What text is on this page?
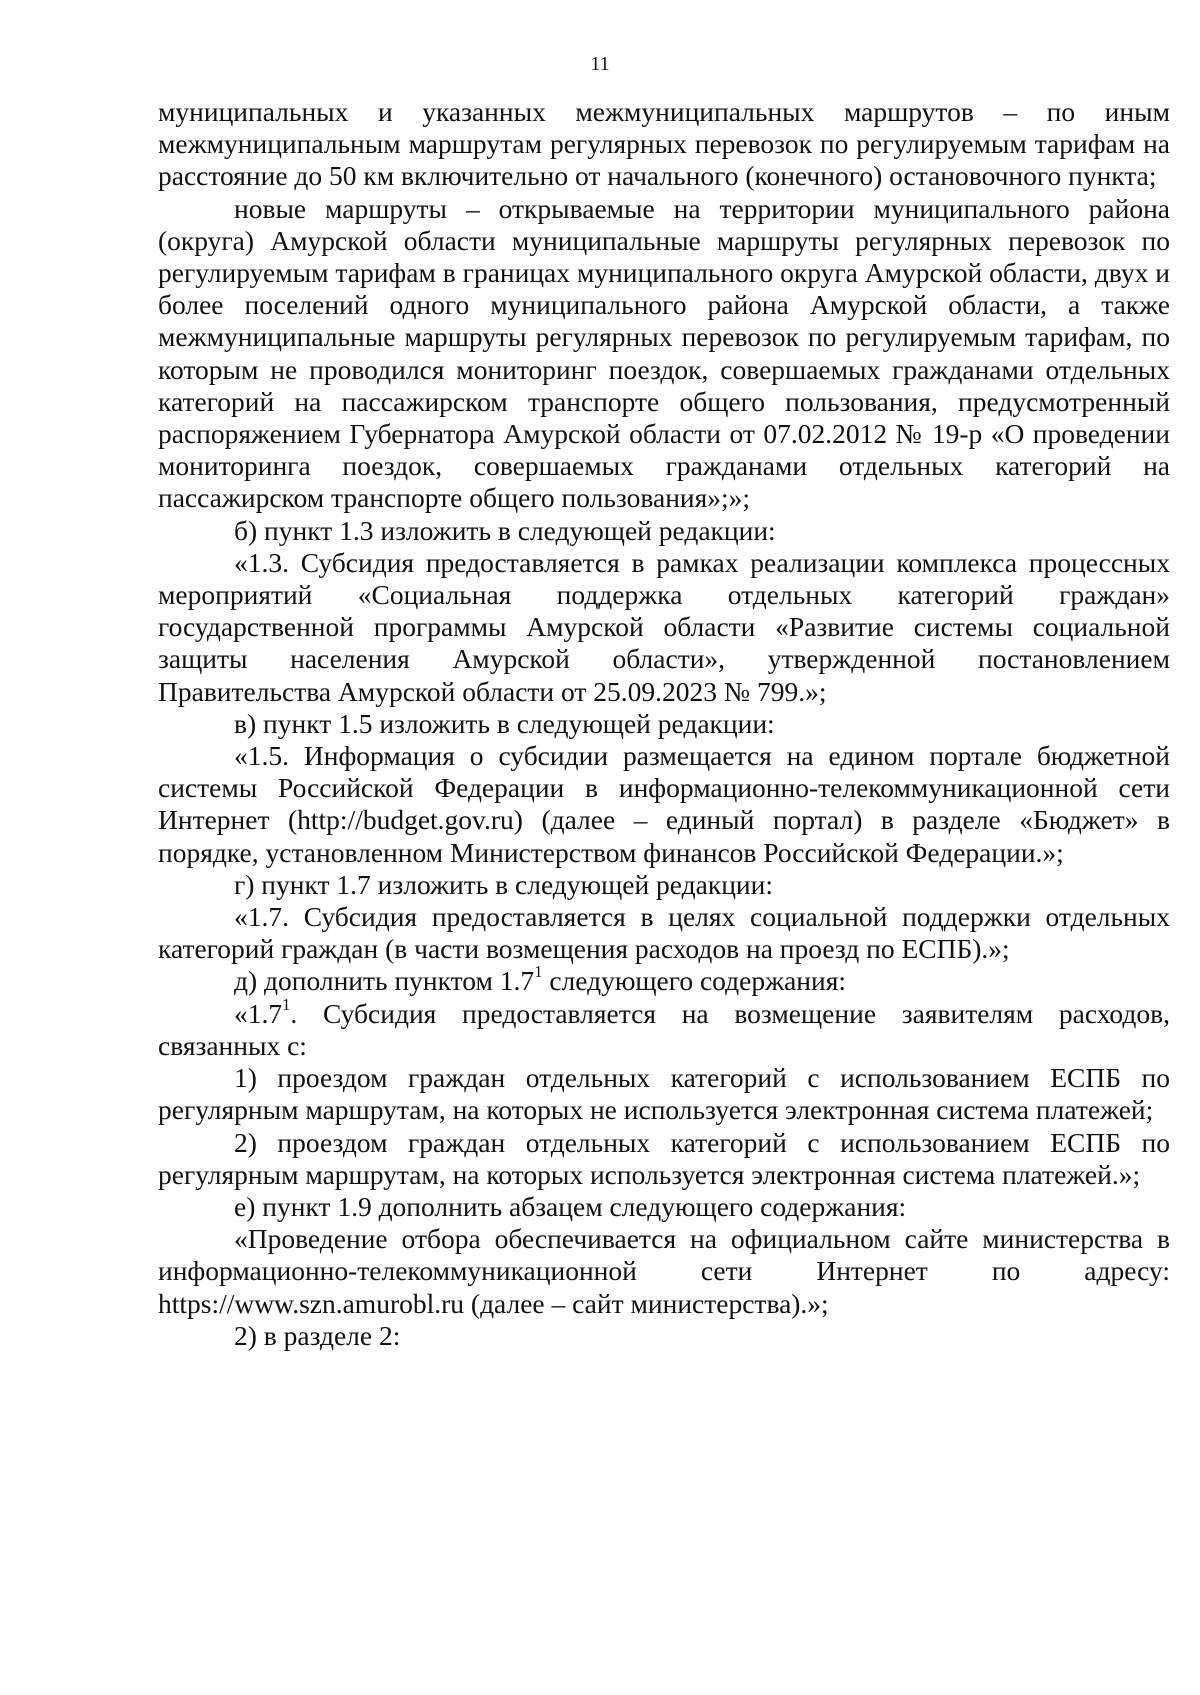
11

муниципальных и указанных межмуниципальных маршрутов – по иным межмуниципальным маршрутам регулярных перевозок по регулируемым тарифам на расстояние до 50 км включительно от начального (конечного) остановочного пункта;

новые маршруты – открываемые на территории муниципального района (округа) Амурской области муниципальные маршруты регулярных перевозок по регулируемым тарифам в границах муниципального округа Амурской области, двух и более поселений одного муниципального района Амурской области, а также межмуниципальные маршруты регулярных перевозок по регулируемым тарифам, по которым не проводился мониторинг поездок, совершаемых гражданами отдельных категорий на пассажирском транспорте общего пользования, предусмотренный распоряжением Губернатора Амурской области от 07.02.2012 № 19-р «О проведении мониторинга поездок, совершаемых гражданами отдельных категорий на пассажирском транспорте общего пользования»;»;

б) пункт 1.3 изложить в следующей редакции:

«1.3. Субсидия предоставляется в рамках реализации комплекса процессных мероприятий «Социальная поддержка отдельных категорий граждан» государственной программы Амурской области «Развитие системы социальной защиты населения Амурской области», утвержденной постановлением Правительства Амурской области от 25.09.2023 № 799.»;

в) пункт 1.5 изложить в следующей редакции:

«1.5. Информация о субсидии размещается на едином портале бюджетной системы Российской Федерации в информационно-телекоммуникационной сети Интернет (http://budget.gov.ru) (далее – единый портал) в разделе «Бюджет» в порядке, установленном Министерством финансов Российской Федерации.»;

г) пункт 1.7 изложить в следующей редакции:

«1.7. Субсидия предоставляется в целях социальной поддержки отдельных категорий граждан (в части возмещения расходов на проезд по ЕСПБ).»;

д) дополнить пунктом $1.7^1$ следующего содержания:

«$1.7^1$. Субсидия предоставляется на возмещение заявителям расходов, связанных с:

1) проездом граждан отдельных категорий с использованием ЕСПБ по регулярным маршрутам, на которых не используется электронная система платежей;

2) проездом граждан отдельных категорий с использованием ЕСПБ по регулярным маршрутам, на которых используется электронная система платежей.»;

е) пункт 1.9 дополнить абзацем следующего содержания:

«Проведение отбора обеспечивается на официальном сайте министерства в информационно-телекоммуникационной сети Интернет по адресу: https://www.szn.amurobl.ru (далее – сайт министерства).»;

2) в разделе 2:
